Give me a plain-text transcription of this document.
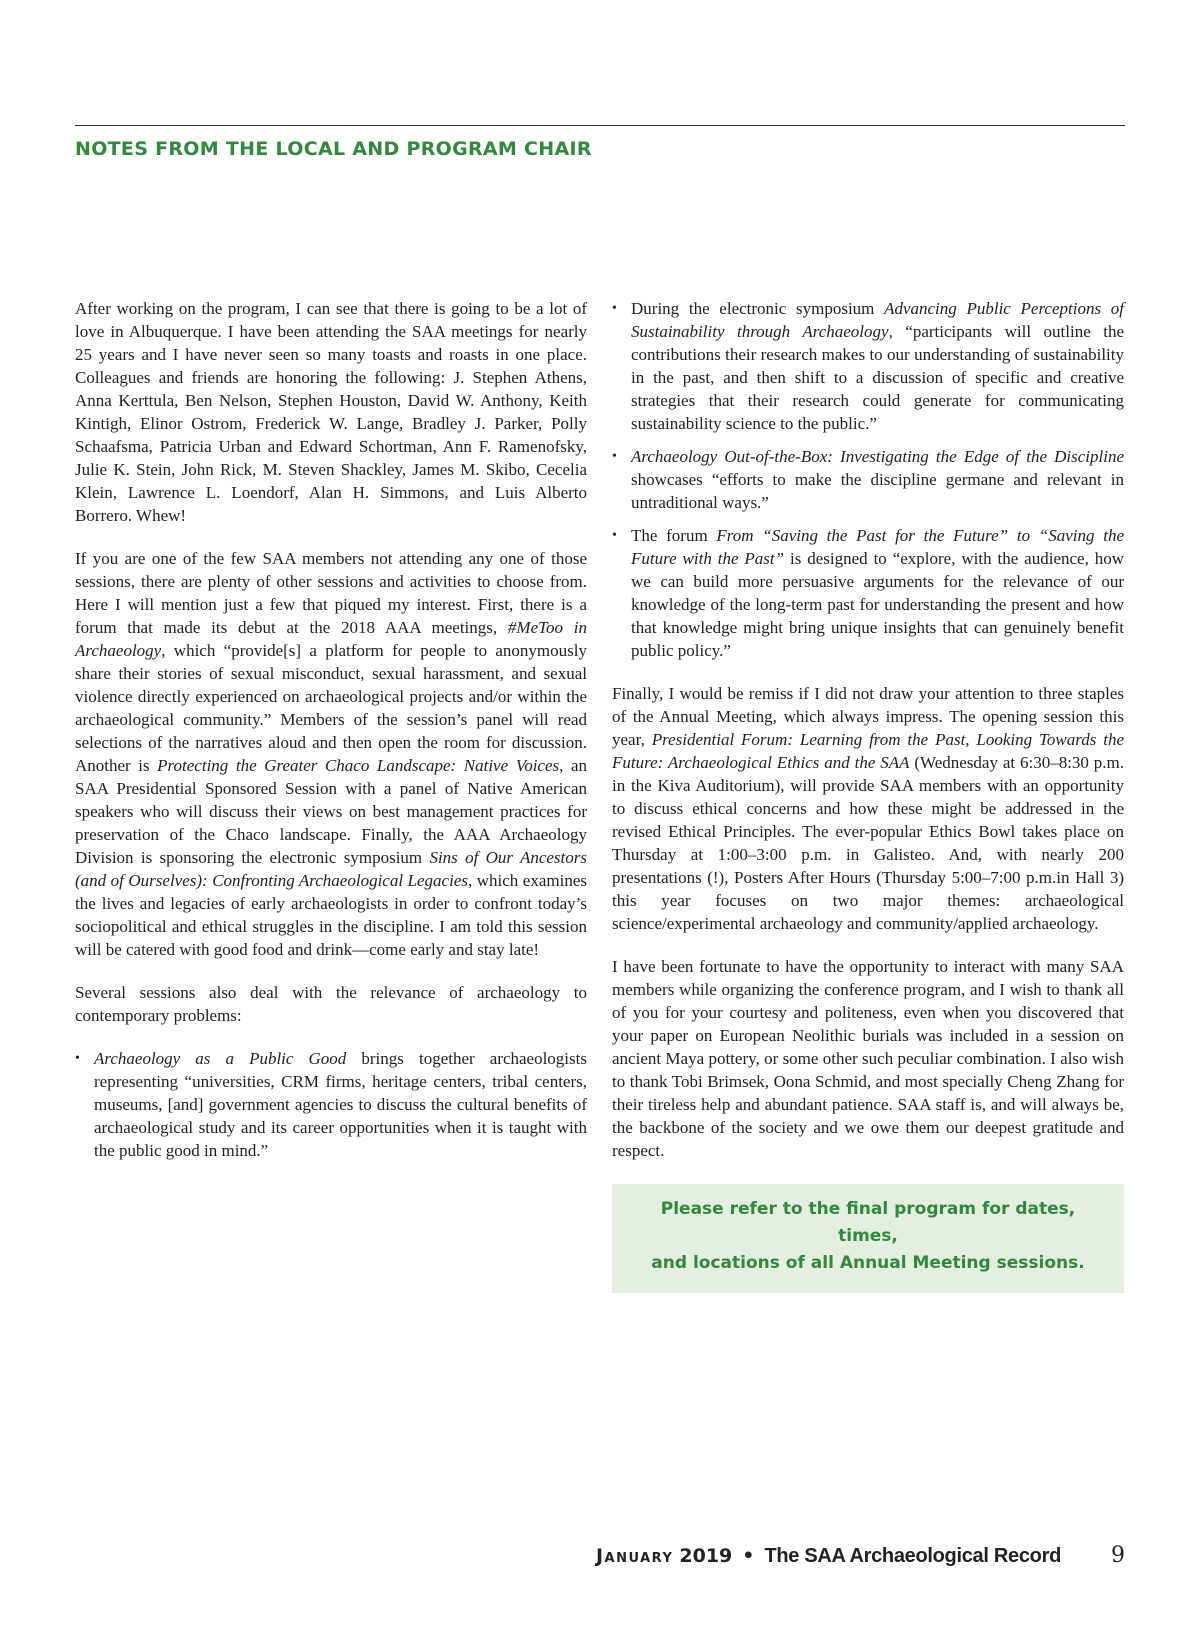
NOTES FROM THE LOCAL AND PROGRAM CHAIR

After working on the program, I can see that there is going to be a lot of love in Albuquerque. I have been attending the SAA meetings for nearly 25 years and I have never seen so many toasts and roasts in one place. Colleagues and friends are honoring the following: J. Stephen Athens, Anna Kerttula, Ben Nelson, Stephen Houston, David W. Anthony, Keith Kintigh, Elinor Ostrom, Frederick W. Lange, Bradley J. Parker, Polly Schaafsma, Patricia Urban and Edward Schortman, Ann F. Ramenofsky, Julie K. Stein, John Rick, M. Steven Shackley, James M. Skibo, Cecelia Klein, Lawrence L. Loendorf, Alan H. Simmons, and Luis Alberto Borrero. Whew!

If you are one of the few SAA members not attending any one of those sessions, there are plenty of other sessions and activities to choose from. Here I will mention just a few that piqued my interest. First, there is a forum that made its debut at the 2018 AAA meetings, #MeToo in Archaeology, which “provide[s] a platform for people to anonymously share their stories of sexual misconduct, sexual harassment, and sexual violence directly experienced on archaeological projects and/or within the archaeological community.” Members of the session’s panel will read selections of the narratives aloud and then open the room for discussion. Another is Protecting the Greater Chaco Landscape: Native Voices, an SAA Presidential Sponsored Session with a panel of Native American speakers who will discuss their views on best management practices for preservation of the Chaco landscape. Finally, the AAA Archaeology Division is sponsoring the electronic symposium Sins of Our Ancestors (and of Ourselves): Confronting Archaeological Legacies, which examines the lives and legacies of early archaeologists in order to confront today’s sociopolitical and ethical struggles in the discipline. I am told this session will be catered with good food and drink—come early and stay late!

Several sessions also deal with the relevance of archaeology to contemporary problems:

• Archaeology as a Public Good brings together archaeologists representing “universities, CRM firms, heritage centers, tribal centers, museums, [and] government agencies to discuss the cultural benefits of archaeological study and its career opportunities when it is taught with the public good in mind.”
• During the electronic symposium Advancing Public Perceptions of Sustainability through Archaeology, “participants will outline the contributions their research makes to our understanding of sustainability in the past, and then shift to a discussion of specific and creative strategies that their research could generate for communicating sustainability science to the public.”
• Archaeology Out-of-the-Box: Investigating the Edge of the Discipline showcases “efforts to make the discipline germane and relevant in untraditional ways.”
• The forum From “Saving the Past for the Future” to “Saving the Future with the Past” is designed to “explore, with the audience, how we can build more persuasive arguments for the relevance of our knowledge of the long-term past for understanding the present and how that knowledge might bring unique insights that can genuinely benefit public policy.”

Finally, I would be remiss if I did not draw your attention to three staples of the Annual Meeting, which always impress. The opening session this year, Presidential Forum: Learning from the Past, Looking Towards the Future: Archaeological Ethics and the SAA (Wednesday at 6:30–8:30 p.m. in the Kiva Auditorium), will provide SAA members with an opportunity to discuss ethical concerns and how these might be addressed in the revised Ethical Principles. The ever-popular Ethics Bowl takes place on Thursday at 1:00–3:00 p.m. in Galisteo. And, with nearly 200 presentations (!), Posters After Hours (Thursday 5:00–7:00 p.m.in Hall 3) this year focuses on two major themes: archaeological science/experimental archaeology and community/applied archaeology.

I have been fortunate to have the opportunity to interact with many SAA members while organizing the conference program, and I wish to thank all of you for your courtesy and politeness, even when you discovered that your paper on European Neolithic burials was included in a session on ancient Maya pottery, or some other such peculiar combination. I also wish to thank Tobi Brimsek, Oona Schmid, and most specially Cheng Zhang for their tireless help and abundant patience. SAA staff is, and will always be, the backbone of the society and we owe them our deepest gratitude and respect.

Please refer to the final program for dates, times,
and locations of all Annual Meeting sessions.
January 2019 • The SAA Archaeological Record 9
